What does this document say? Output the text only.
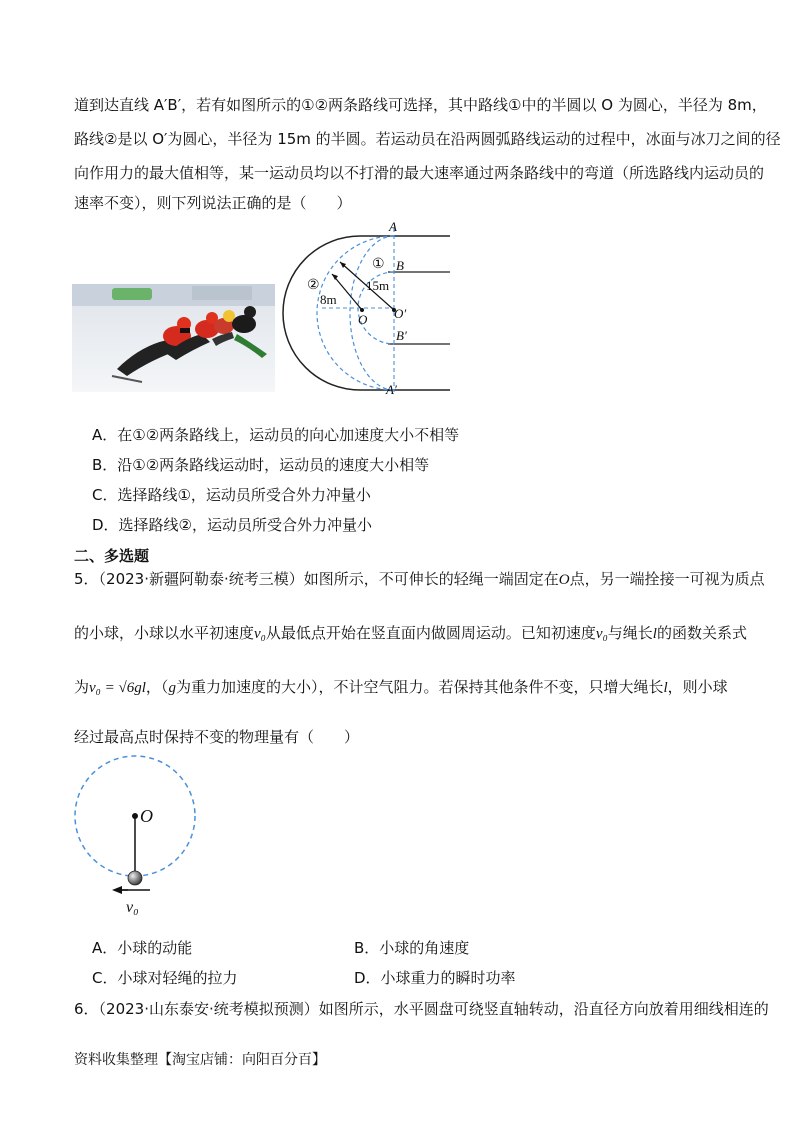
道到达直线 A′B′，若有如图所示的①②两条路线可选择，其中路线①中的半圆以 O 为圆心，半径为 8m，
路线②是以 O′为圆心，半径为 15m 的半圆。若运动员在沿两圆弧路线运动的过程中，冰面与冰刀之间的径
向作用力的最大值相等，某一运动员均以不打滑的最大速率通过两条路线中的弯道（所选路线内运动员的
速率不变），则下列说法正确的是（　　）
A
B
①
②	15m
8m
O O′
B′
A′
A．在①②两条路线上，运动员的向心加速度大小不相等
B．沿①②两条路线运动时，运动员的速度大小相等
C．选择路线①，运动员所受合外力冲量小
D．选择路线②，运动员所受合外力冲量小
二、多选题
5．（2023·新疆阿勒泰·统考三模）如图所示，不可伸长的轻绳一端固定在O点，另一端拴接一可视为质点
的小球，小球以水平初速度v₀从最低点开始在竖直面内做圆周运动。已知初速度v₀与绳长l的函数关系式
为v₀ = √6gl，（g为重力加速度的大小），不计空气阻力。若保持其他条件不变，只增大绳长l，则小球
经过最高点时保持不变的物理量有（　　）
O
v₀
A．小球的动能	B．小球的角速度
C．小球对轻绳的拉力	D．小球重力的瞬时功率
6．（2023·山东泰安·统考模拟预测）如图所示，水平圆盘可绕竖直轴转动，沿直径方向放着用细线相连的
资料收集整理【淘宝店铺：向阳百分百】
